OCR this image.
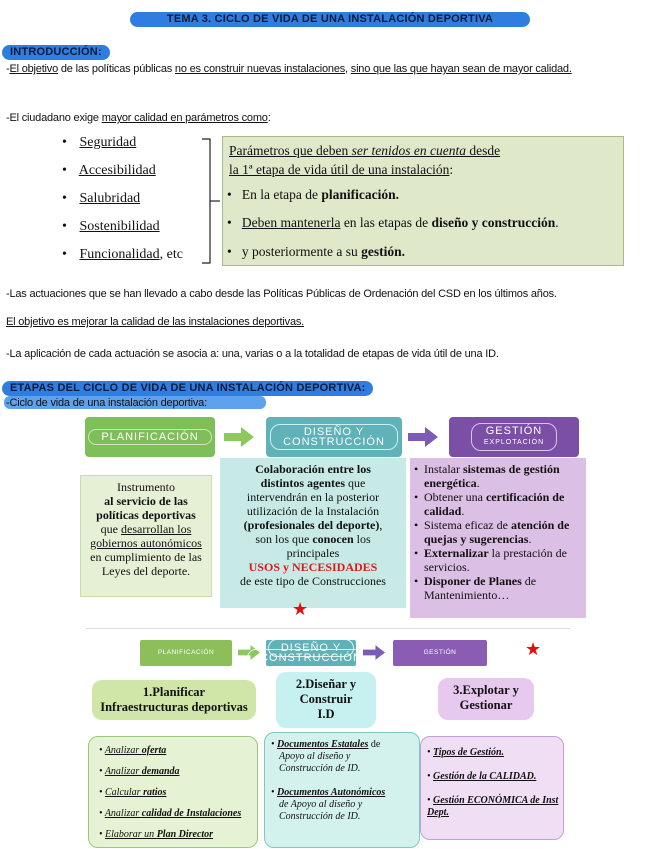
TEMA 3. CICLO DE VIDA DE UNA INSTALACIÓN DEPORTIVA
INTRODUCCIÓN:
-El objetivo de las políticas públicas no es construir nuevas instalaciones, sino que las que hayan sean de mayor calidad.
-El ciudadano exige mayor calidad en parámetros como:
• Seguridad
• Accesibilidad
• Salubridad
• Sostenibilidad
• Funcionalidad, etc
Parámetros que deben ser tenidos en cuenta desde
la 1ª etapa de vida útil de una instalación:
•   En la etapa de planificación.
•   Deben mantenerla en las etapas de diseño y construcción.
•   y posteriormente a su gestión.
-Las actuaciones que se han llevado a cabo desde las Políticas Públicas de Ordenación del CSD en los últimos años.
El objetivo es mejorar la calidad de las instalaciones deportivas.
-La aplicación de cada actuación se asocia a: una, varias o a la totalidad de etapas de vida útil de una ID.
ETAPAS DEL CICLO DE VIDA DE UNA INSTALACIÓN DEPORTIVA:
-Ciclo de vida de una instalación deportiva:
PLANIFICACIÓN	DISEÑO Y
CONSTRUCCIÓN
GESTIÓN
EXPLOTACIÓN
Instrumento
al servicio de las
políticas deportivas
que desarrollan los
gobiernos autonómicos
en cumplimiento de las
Leyes del deporte.
Colaboración entre los
distintos agentes que
intervendrán en la posterior
utilización de la Instalación
(profesionales del deporte),
son los que conocen los
principales
USOS y NECESIDADES
de este tipo de Construcciones
★
• Instalar sistemas de gestión energética.
• Obtener una certificación de calidad.
• Sistema eficaz de atención de quejas y sugerencias.
• Externalizar la prestación de servicios.
• Disponer de Planes de Mantenimiento…
PLANIFICACIÓN	DISEÑO Y
CONSTRUCCIÓN	GESTIÓN	★
1.Planificar
Infraestructuras deportivas
2.Diseñar y
Construir
I.D
3.Explotar y
Gestionar
• Analizar oferta
• Analizar demanda
• Calcular ratios
• Analizar calidad de Instalaciones
• Elaborar un Plan Director
• Documentos Estatales de
Apoyo al diseño y
Construcción de ID.
• Documentos Autonómicos
de Apoyo al diseño y
Construcción de ID.
• Tipos de Gestión.
• Gestión de la CALIDAD.
• Gestión ECONÓMICA de Inst Dept.
